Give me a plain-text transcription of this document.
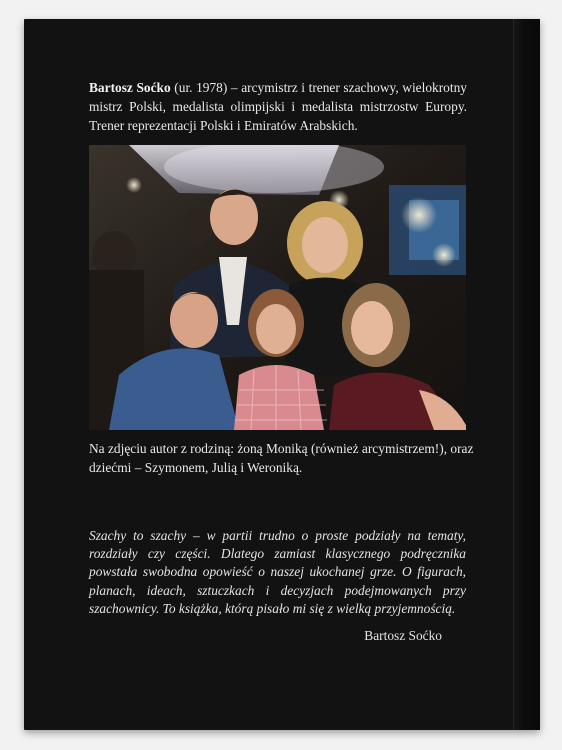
Bartosz Soćko (ur. 1978) – arcymistrz i trener szachowy, wielokrotny mistrz Polski, medalista olimpijski i medalista mistrzostw Europy. Trener reprezentacji Polski i Emiratów Arabskich.

Na zdjęciu autor z rodziną: żoną Moniką (również arcymistrzem!), oraz dziećmi – Szymonem, Julią i Weroniką.

Szachy to szachy – w partii trudno o proste podziały na tematy, rozdziały czy części. Dlatego zamiast klasycznego podręcznika powstała swobodna opowieść o naszej ukochanej grze. O figurach, planach, ideach, sztuczkach i decyzjach podejmowanych przy szachownicy. To książka, którą pisało mi się z wielką przyjemnością.

Bartosz Soćko
